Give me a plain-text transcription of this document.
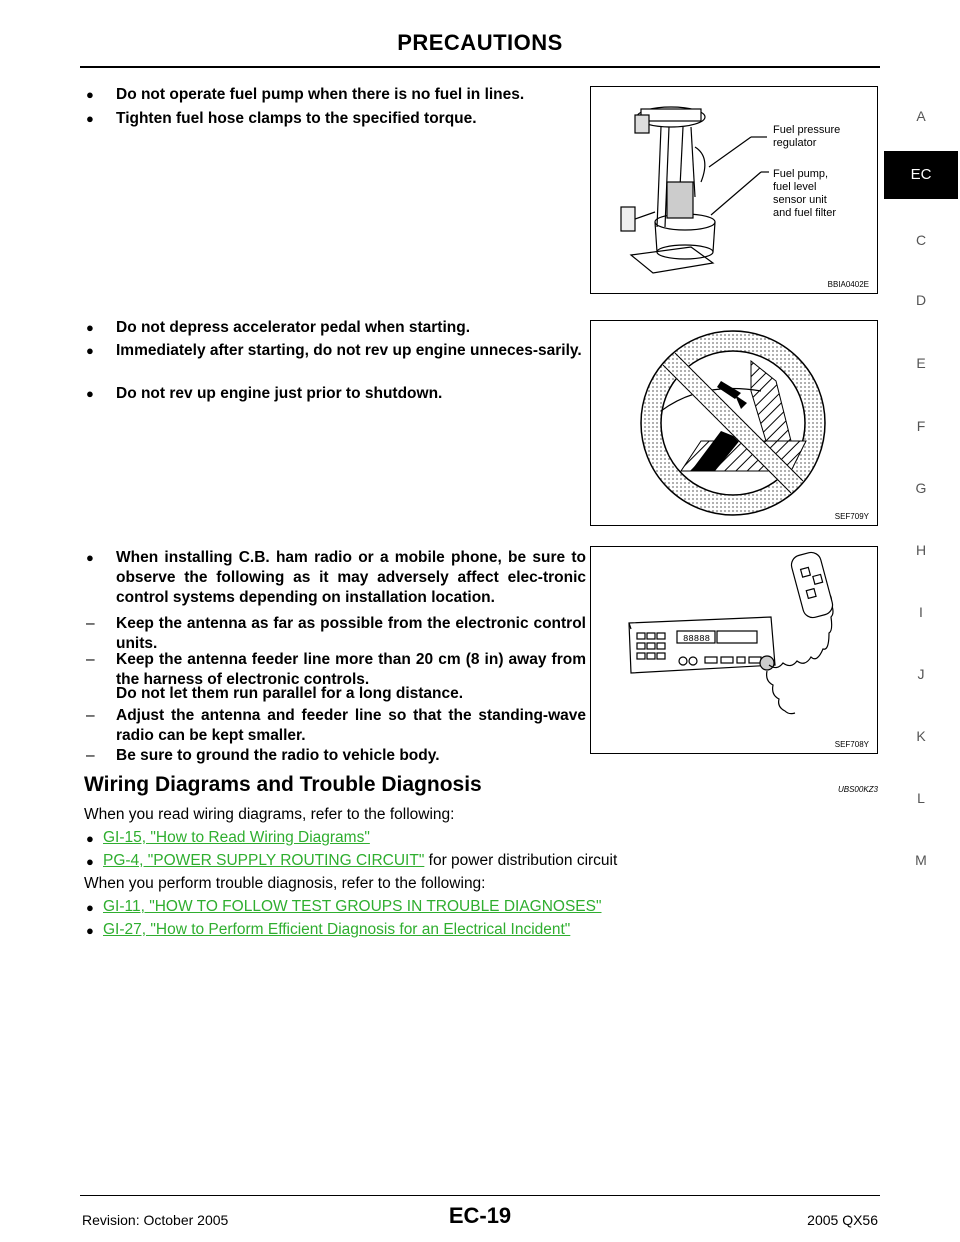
PRECAUTIONS
A
EC
C
D
E
F
G
H
I
J
K
L
M
● Do not operate fuel pump when there is no fuel in lines.
● Tighten fuel hose clamps to the specified torque.
Fuel pressure
regulator
Fuel pump,
fuel level
sensor unit
and fuel filter
BBIA0402E
● Do not depress accelerator pedal when starting.
● Immediately after starting, do not rev up engine unneces-sarily.
● Do not rev up engine just prior to shutdown.
SEF709Y
● When installing C.B. ham radio or a mobile phone, be sure to observe the following as it may adversely affect elec-tronic control systems depending on installation location.
– Keep the antenna as far as possible from the electronic control units.
– Keep the antenna feeder line more than 20 cm (8 in) away from the harness of electronic controls.
Do not let them run parallel for a long distance.
– Adjust the antenna and feeder line so that the standing-wave radio can be kept smaller.
– Be sure to ground the radio to vehicle body.
88888
SEF708Y
Wiring Diagrams and Trouble Diagnosis	UBS00KZ3
When you read wiring diagrams, refer to the following:
● GI-15, "How to Read Wiring Diagrams"
● PG-4, "POWER SUPPLY ROUTING CIRCUIT" for power distribution circuit
When you perform trouble diagnosis, refer to the following:
● GI-11, "HOW TO FOLLOW TEST GROUPS IN TROUBLE DIAGNOSES"
● GI-27, "How to Perform Efficient Diagnosis for an Electrical Incident"
Revision: October 2005	EC-19	2005 QX56
